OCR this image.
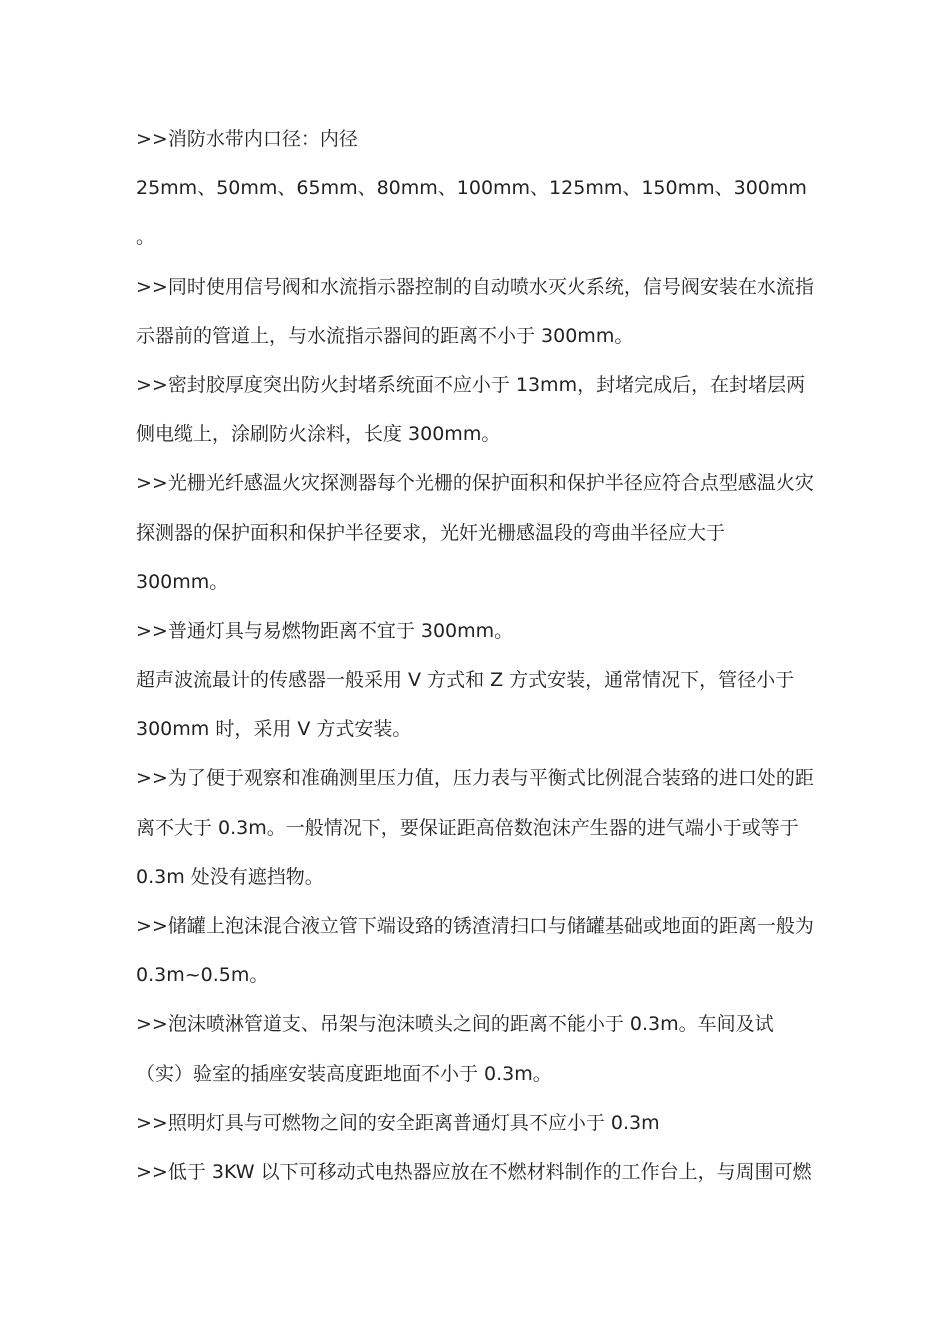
>>消防水带内口径：内径
25mm、50mm、65mm、80mm、100mm、125mm、150mm、300mm
。
>>同时使用信号阀和水流指示器控制的自动喷水灭火系统，信号阀安装在水流指
示器前的管道上，与水流指示器间的距离不小于 300mm。
>>密封胶厚度突出防火封堵系统面不应小于 13mm，封堵完成后，在封堵层两
侧电缆上，涂刷防火涂料，长度 300mm。
>>光栅光纤感温火灾探测器每个光栅的保护面积和保护半径应符合点型感温火灾
探测器的保护面积和保护半径要求，光奸光栅感温段的弯曲半径应大于
300mm。
>>普通灯具与易燃物距离不宜于 300mm。
超声波流最计的传感器一般采用 V 方式和 Z 方式安装，通常情况下，管径小于
300mm 时，采用 V 方式安装。
>>为了便于观察和准确测里压力值，压力表与平衡式比例混合装臵的进口处的距
离不大于 0.3m。一般情况下，要保证距高倍数泡沫产生器的进气端小于或等于
0.3m 处没有遮挡物。
>>储罐上泡沫混合液立管下端设臵的锈渣清扫口与储罐基础或地面的距离一般为
0.3m~0.5m。
>>泡沫喷淋管道支、吊架与泡沫喷头之间的距离不能小于 0.3m。车间及试
（实）验室的插座安装高度距地面不小于 0.3m。
>>照明灯具与可燃物之间的安全距离普通灯具不应小于 0.3m
>>低于 3KW 以下可移动式电热器应放在不燃材料制作的工作台上，与周围可燃
